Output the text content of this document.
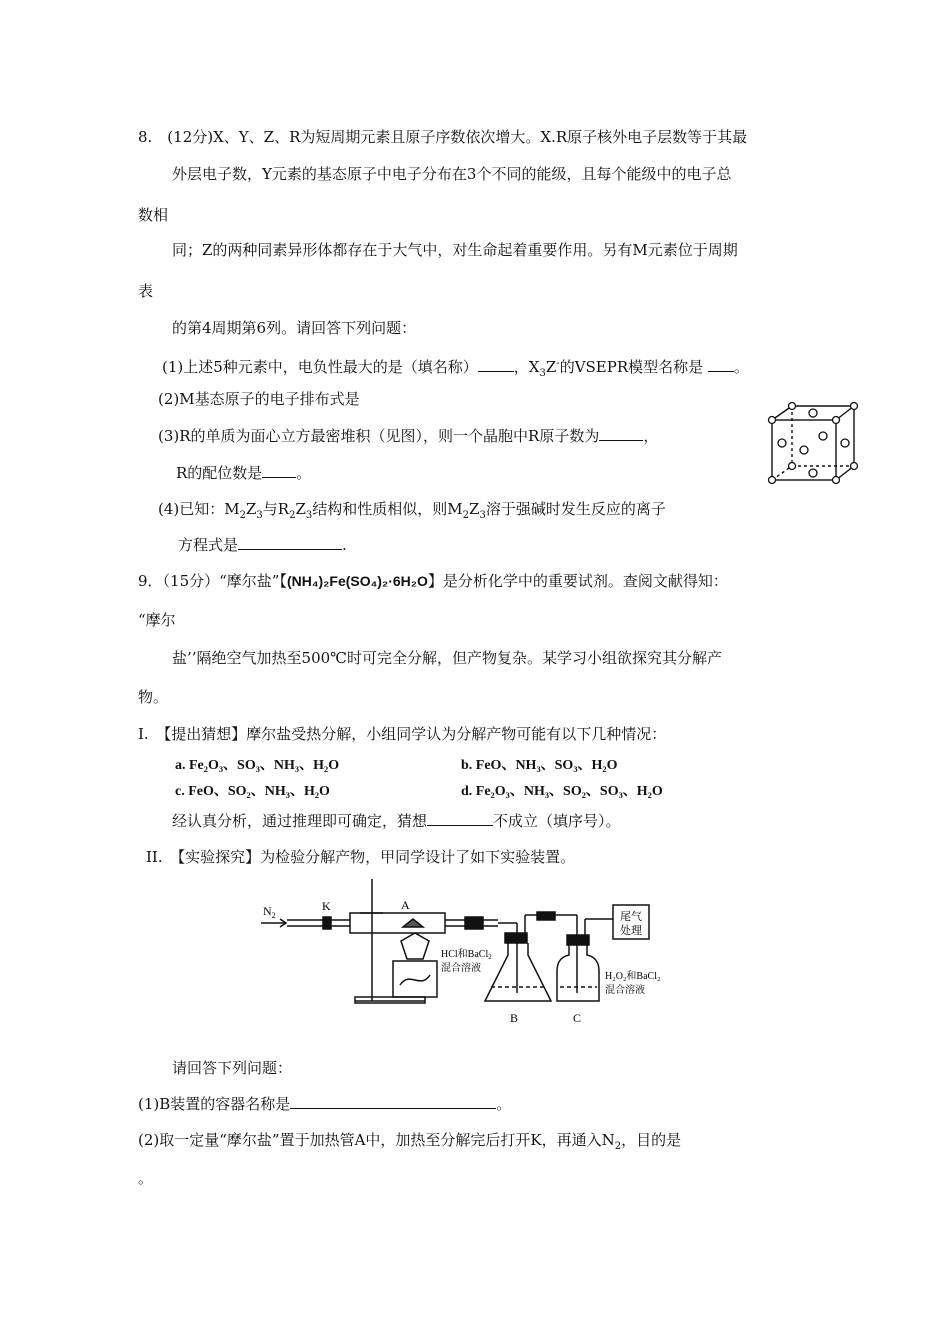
8.　(12分)X、Y、Z、R为短周期元素且原子序数依次增大。X.R原子核外电子层数等于其最
外层电子数，Y元素的基态原子中电子分布在3个不同的能级，且每个能级中的电子总
数相
同；Z的两种同素异形体都存在于大气中，对生命起着重要作用。另有M元素位于周期
表
的第4周期第6列。请回答下列问题：
(1)上述5种元素中，电负性最大的是（填名称） ，$X_3Z^-$的VSEPR模型名称是 。
(2)M基态原子的电子排布式是
(3)R的单质为面心立方最密堆积（见图），则一个晶胞中R原子数为	，
R的配位数是 。
(4)已知：$M_2Z_3$与$R_2Z_3$结构和性质相似，则$M_2Z_3$溶于强碱时发生反应的离子
方程式是	.
9．（15分）“摩尔盐”【(NH₄)₂Fe(SO₄)₂·6H₂O】是分析化学中的重要试剂。查阅文献得知：
“摩尔
盐’’隔绝空气加热至500℃时可完全分解，但产物复杂。某学习小组欲探究其分解产
物。
I.　【提出猜想】摩尔盐受热分解，小组同学认为分解产物可能有以下几种情况：
a. Fe₂O₃、SO₃、NH₃、H₂O	b. FeO、NH₃、SO₃、H₂O
c. FeO、SO₂、NH₃、H₂O	d. Fe₂O₃、NH₃、SO₂、SO₃、H₂O
经认真分析，通过推理即可确定，猜想	不成立（填序号）。
II.　【实验探究】为检验分解产物，甲同学设计了如下实验装置。
$N_2$
K	A
尾气
处理
HCl和BaCl$_2$
混合溶液
H₂O₂和BaCl₂
混合溶液
B	C
请回答下列问题：
(1)B装置的容器名称是	。
(2)取一定量“摩尔盐”置于加热管A中，加热至分解完后打开K，再通入$N_2$，目的是
。
